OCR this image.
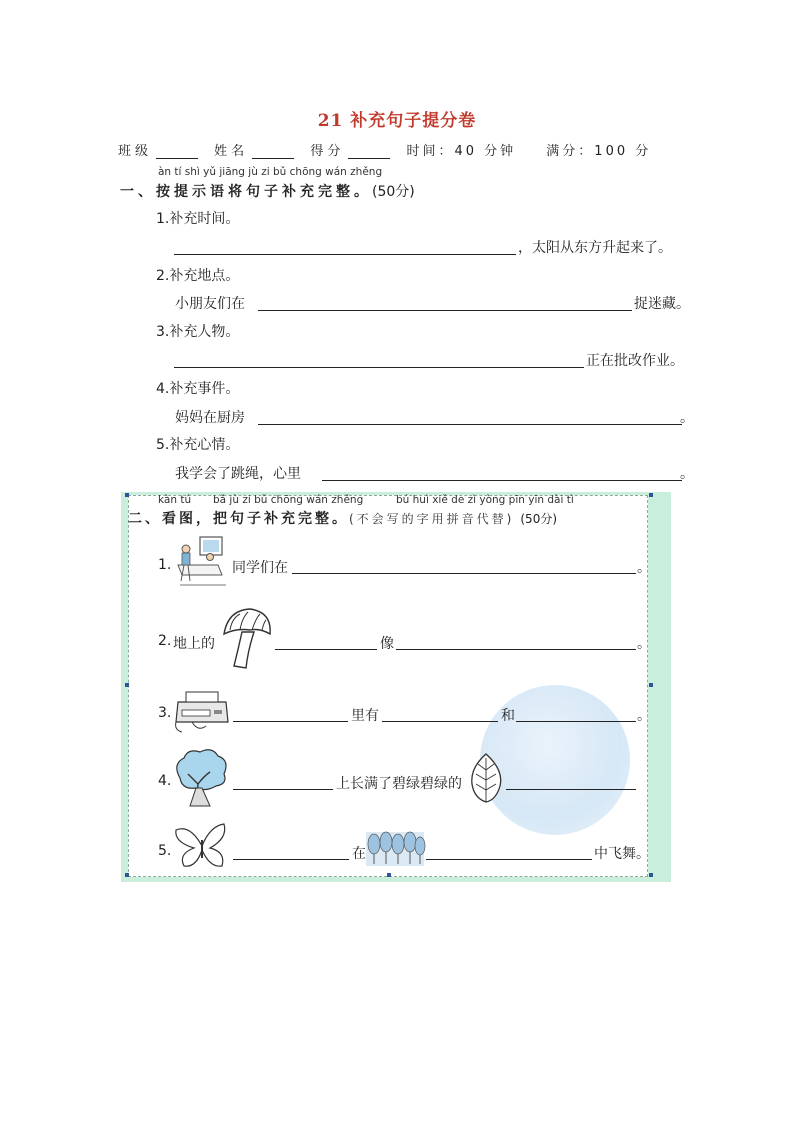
21 补充句子提分卷
班级	姓名	得分	时间：40 分钟 满分：100 分
àn tí shì yǔ jiāng jù zi bǔ chōng wán zhěng
一、按提示语将句子补充完整。(50分)
1.补充时间。
，太阳从东方升起来了。
2.补充地点。
小朋友们在	捉迷藏。
3.补充人物。
正在批改作业。
4.补充事件。
妈妈在厨房	。
5.补充心情。
我学会了跳绳，心里	。
kàn tú bǎ jù zi bǔ chōng wán zhěng	bú huì xiě de zì yòng pīn yīn dài tì
二、看图，把句子补充完整。(不会写的字用拼音代替) (50分)
1.	同学们在	。
2. 地上的	像	。
3.	里有	和	。
4.	上长满了碧绿碧绿的
5.	在	中飞舞 。
